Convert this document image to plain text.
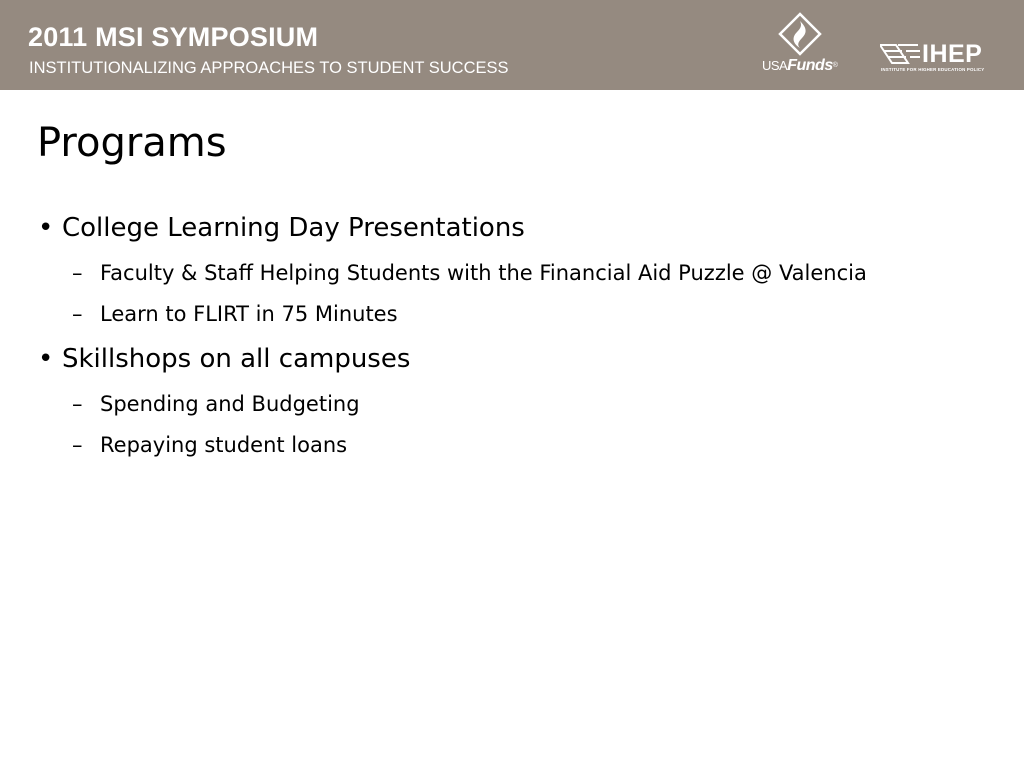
2011 MSI SYMPOSIUM
INSTITUTIONALIZING APPROACHES TO STUDENT SUCCESS	USAFunds®	IHEP
INSTITUTE FOR HIGHER EDUCATION POLICY
Programs
• College Learning Day Presentations
– Faculty & Staff Helping Students with the Financial Aid Puzzle @ Valencia
– Learn to FLIRT in 75 Minutes
• Skillshops on all campuses
– Spending and Budgeting
– Repaying student loans
